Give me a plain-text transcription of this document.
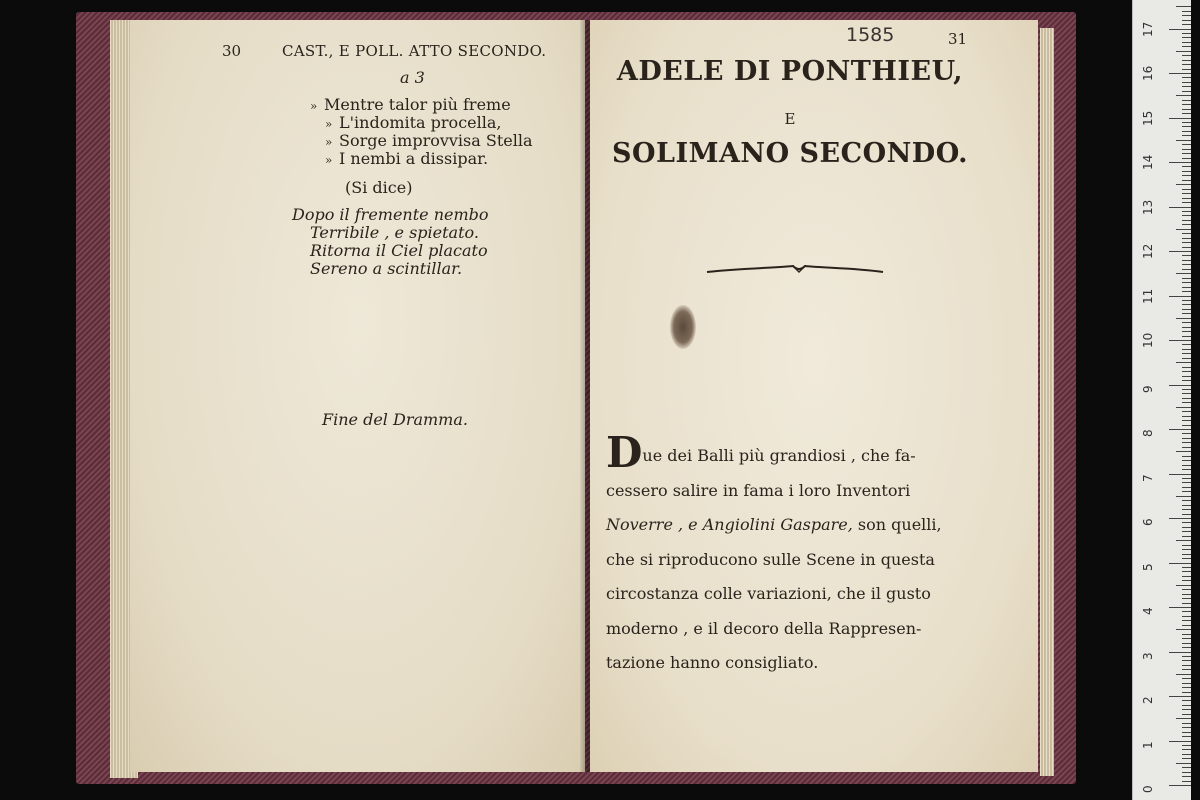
30	CAST., E POLL. ATTO SECONDO.
a 3
» Mentre talor più freme
» L'indomita procella,
» Sorge improvvisa Stella
» I nembi a dissipar.
(Si dice)
Dopo il fremente nembo
Terribile , e spietato.
Ritorna il Ciel placato
Sereno a scintillar.
Fine del Dramma.
1585	31
ADELE DI PONTHIEU,
E
SOLIMANO SECONDO.
Due dei Balli più grandiosi , che fa-
cessero salire in fama i loro Inventori
Noverre , e Angiolini Gaspare, son quelli,
che si riproducono sulle Scene in questa
circostanza colle variazioni, che il gusto
moderno , e il decoro della Rappresen-
tazione hanno consigliato.
0
1
2
3
4
5
6
7
8
9
10
11
12
13
14
15
16
17
